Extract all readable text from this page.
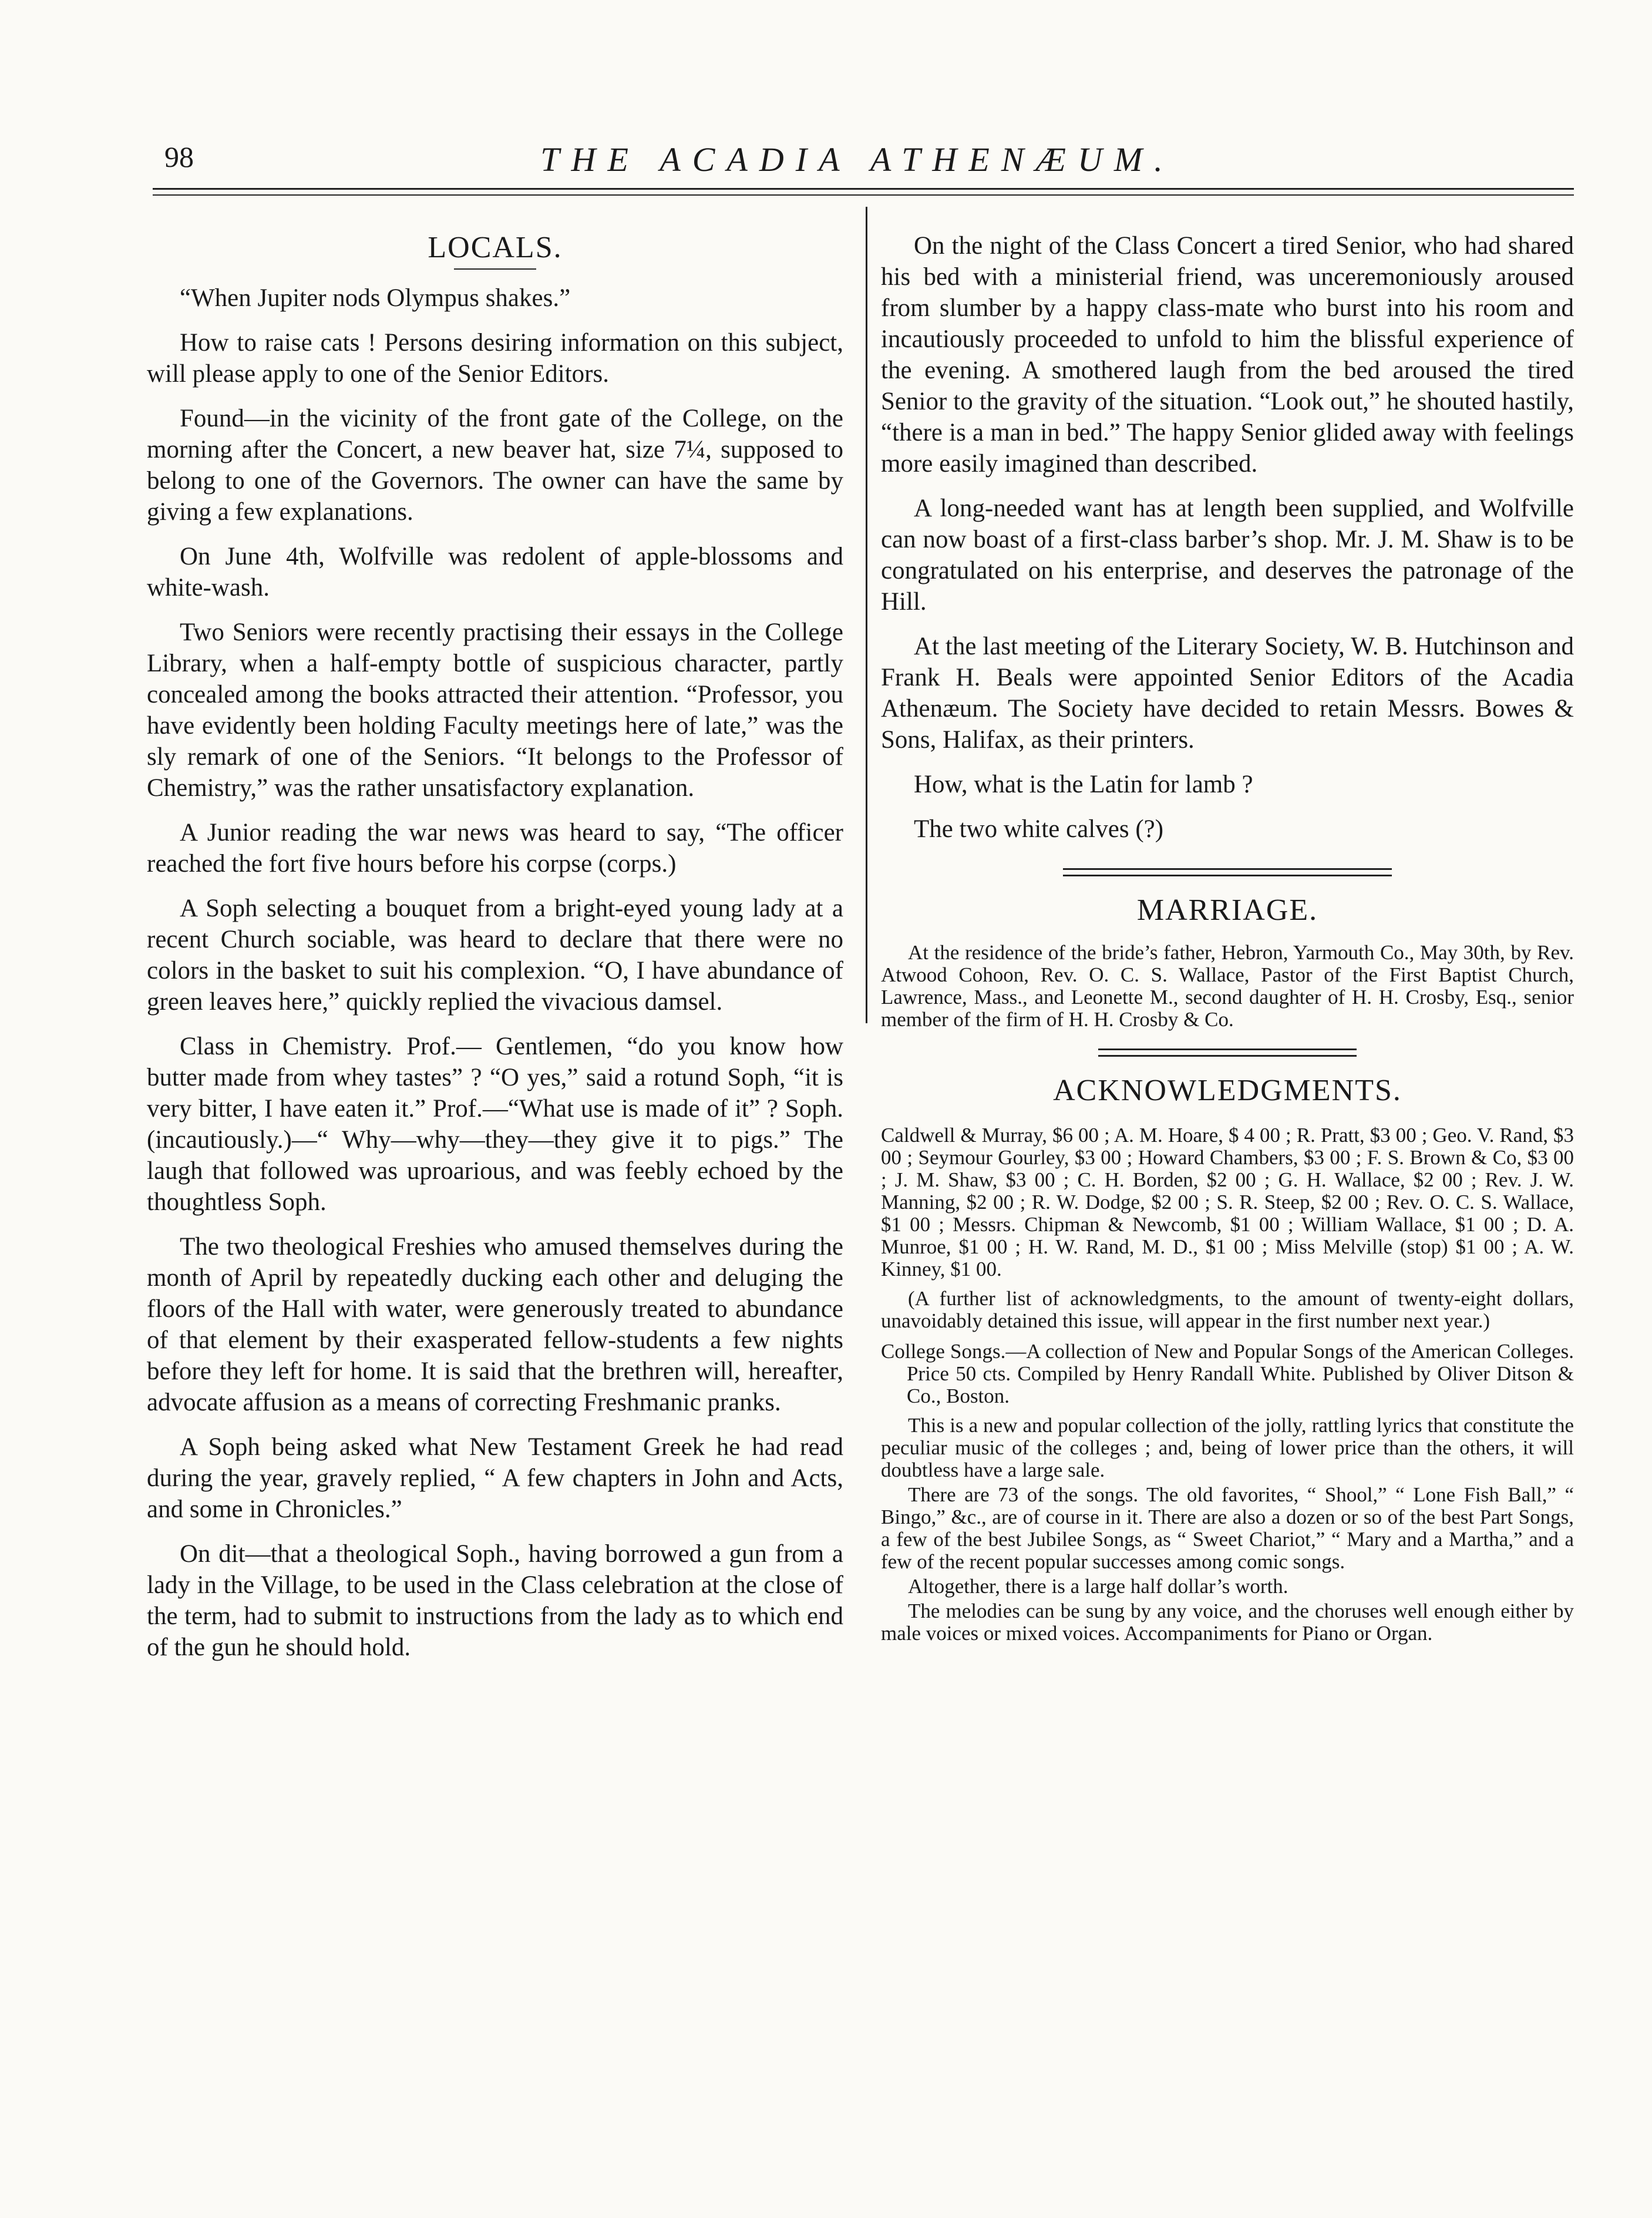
98	THE ACADIA ATHENÆUM.
LOCALS.

“When Jupiter nods Olympus shakes.”

How to raise cats ! Persons desiring information on this subject, will please apply to one of the Senior Editors.

Found—in the vicinity of the front gate of the College, on the morning after the Concert, a new beaver hat, size 7¼, supposed to belong to one of the Governors. The owner can have the same by giving a few explanations.

On June 4th, Wolfville was redolent of apple-blossoms and white-wash.

Two Seniors were recently practising their essays in the College Library, when a half-empty bottle of suspicious character, partly concealed among the books attracted their attention. “Professor, you have evidently been holding Faculty meetings here of late,” was the sly remark of one of the Seniors. “It belongs to the Professor of Chemistry,” was the rather unsatisfactory explanation.

A Junior reading the war news was heard to say, “The officer reached the fort five hours before his corpse (corps.)

A Soph selecting a bouquet from a bright-eyed young lady at a recent Church sociable, was heard to declare that there were no colors in the basket to suit his complexion. “O, I have abundance of green leaves here,” quickly replied the vivacious damsel.

Class in Chemistry. Prof.— Gentlemen, “do you know how butter made from whey tastes” ? “O yes,” said a rotund Soph, “it is very bitter, I have eaten it.” Prof.—“What use is made of it” ? Soph. (incautiously.)—“ Why—why—they—they give it to pigs.” The laugh that followed was uproarious, and was feebly echoed by the thoughtless Soph.

The two theological Freshies who amused themselves during the month of April by repeatedly ducking each other and deluging the floors of the Hall with water, were generously treated to abundance of that element by their exasperated fellow-students a few nights before they left for home. It is said that the brethren will, hereafter, advocate affusion as a means of correcting Freshmanic pranks.

A Soph being asked what New Testament Greek he had read during the year, gravely replied, “ A few chapters in John and Acts, and some in Chronicles.”

On dit—that a theological Soph., having borrowed a gun from a lady in the Village, to be used in the Class celebration at the close of the term, had to submit to instructions from the lady as to which end of the gun he should hold.

On the night of the Class Concert a tired Senior, who had shared his bed with a ministerial friend, was unceremoniously aroused from slumber by a happy class-mate who burst into his room and incautiously proceeded to unfold to him the blissful experience of the evening. A smothered laugh from the bed aroused the tired Senior to the gravity of the situation. “Look out,” he shouted hastily, “there is a man in bed.” The happy Senior glided away with feelings more easily imagined than described.

A long-needed want has at length been supplied, and Wolfville can now boast of a first-class barber’s shop. Mr. J. M. Shaw is to be congratulated on his enterprise, and deserves the patronage of the Hill.

At the last meeting of the Literary Society, W. B. Hutchinson and Frank H. Beals were appointed Senior Editors of the Acadia Athenæum. The Society have decided to retain Messrs. Bowes & Sons, Halifax, as their printers.

How, what is the Latin for lamb ?

The two white calves (?)

MARRIAGE.

At the residence of the bride’s father, Hebron, Yarmouth Co., May 30th, by Rev. Atwood Cohoon, Rev. O. C. S. Wallace, Pastor of the First Baptist Church, Lawrence, Mass., and Leonette M., second daughter of H. H. Crosby, Esq., senior member of the firm of H. H. Crosby & Co.

ACKNOWLEDGMENTS.

Caldwell & Murray, $6 00 ; A. M. Hoare, $ 4 00 ; R. Pratt, $3 00 ; Geo. V. Rand, $3 00 ; Seymour Gourley, $3 00 ; Howard Chambers, $3 00 ; F. S. Brown & Co, $3 00 ; J. M. Shaw, $3 00 ; C. H. Borden, $2 00 ; G. H. Wallace, $2 00 ; Rev. J. W. Manning, $2 00 ; R. W. Dodge, $2 00 ; S. R. Steep, $2 00 ; Rev. O. C. S. Wallace, $1 00 ; Messrs. Chipman & Newcomb, $1 00 ; William Wallace, $1 00 ; D. A. Munroe, $1 00 ; H. W. Rand, M. D., $1 00 ; Miss Melville (stop) $1 00 ; A. W. Kinney, $1 00.

(A further list of acknowledgments, to the amount of twenty-eight dollars, unavoidably detained this issue, will appear in the first number next year.)

College Songs.—A collection of New and Popular Songs of the American Colleges. Price 50 cts. Compiled by Henry Randall White. Published by Oliver Ditson & Co., Boston.

This is a new and popular collection of the jolly, rattling lyrics that constitute the peculiar music of the colleges ; and, being of lower price than the others, it will doubtless have a large sale.

There are 73 of the songs. The old favorites, “ Shool,” “ Lone Fish Ball,” “ Bingo,” &c., are of course in it. There are also a dozen or so of the best Part Songs, a few of the best Jubilee Songs, as “ Sweet Chariot,” “ Mary and a Martha,” and a few of the recent popular successes among comic songs.

Altogether, there is a large half dollar’s worth.

The melodies can be sung by any voice, and the choruses well enough either by male voices or mixed voices. Accompaniments for Piano or Organ.
